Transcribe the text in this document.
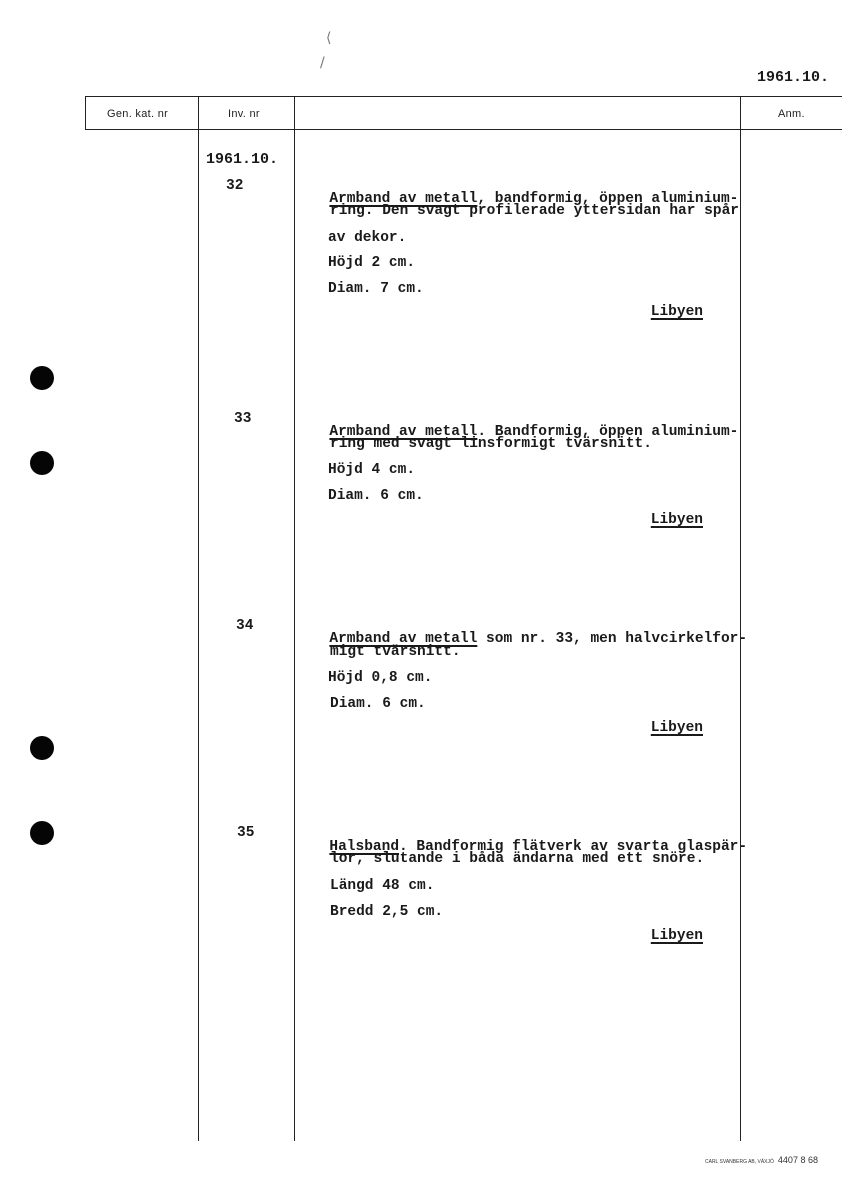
⟨
/
1961.10.
Gen. kat. nr	Inv. nr	Anm.
1961.10.
32

Armband av metall, bandformig, öppen aluminium-

ring. Den svagt profilerade yttersidan har spår
av dekor.
Höjd 2 cm.
Diam. 7 cm.
Libyen
33

Armband av metall. Bandformig, öppen aluminium-

ring med svagt linsformigt tvärsnitt.
Höjd 4 cm.
Diam. 6 cm.
Libyen
34

Armband av metall som nr. 33, men halvcirkelfor-

migt tvärsnitt.
Höjd 0,8 cm.
Diam. 6 cm.
Libyen
35

Halsband. Bandformig flätverk av svarta glaspär-

lor, slutande i båda ändarna med ett snöre.
Längd 48 cm.
Bredd 2,5 cm.
Libyen
CARL SVANBERG AB, VÄXJÖ 4407 8 68
